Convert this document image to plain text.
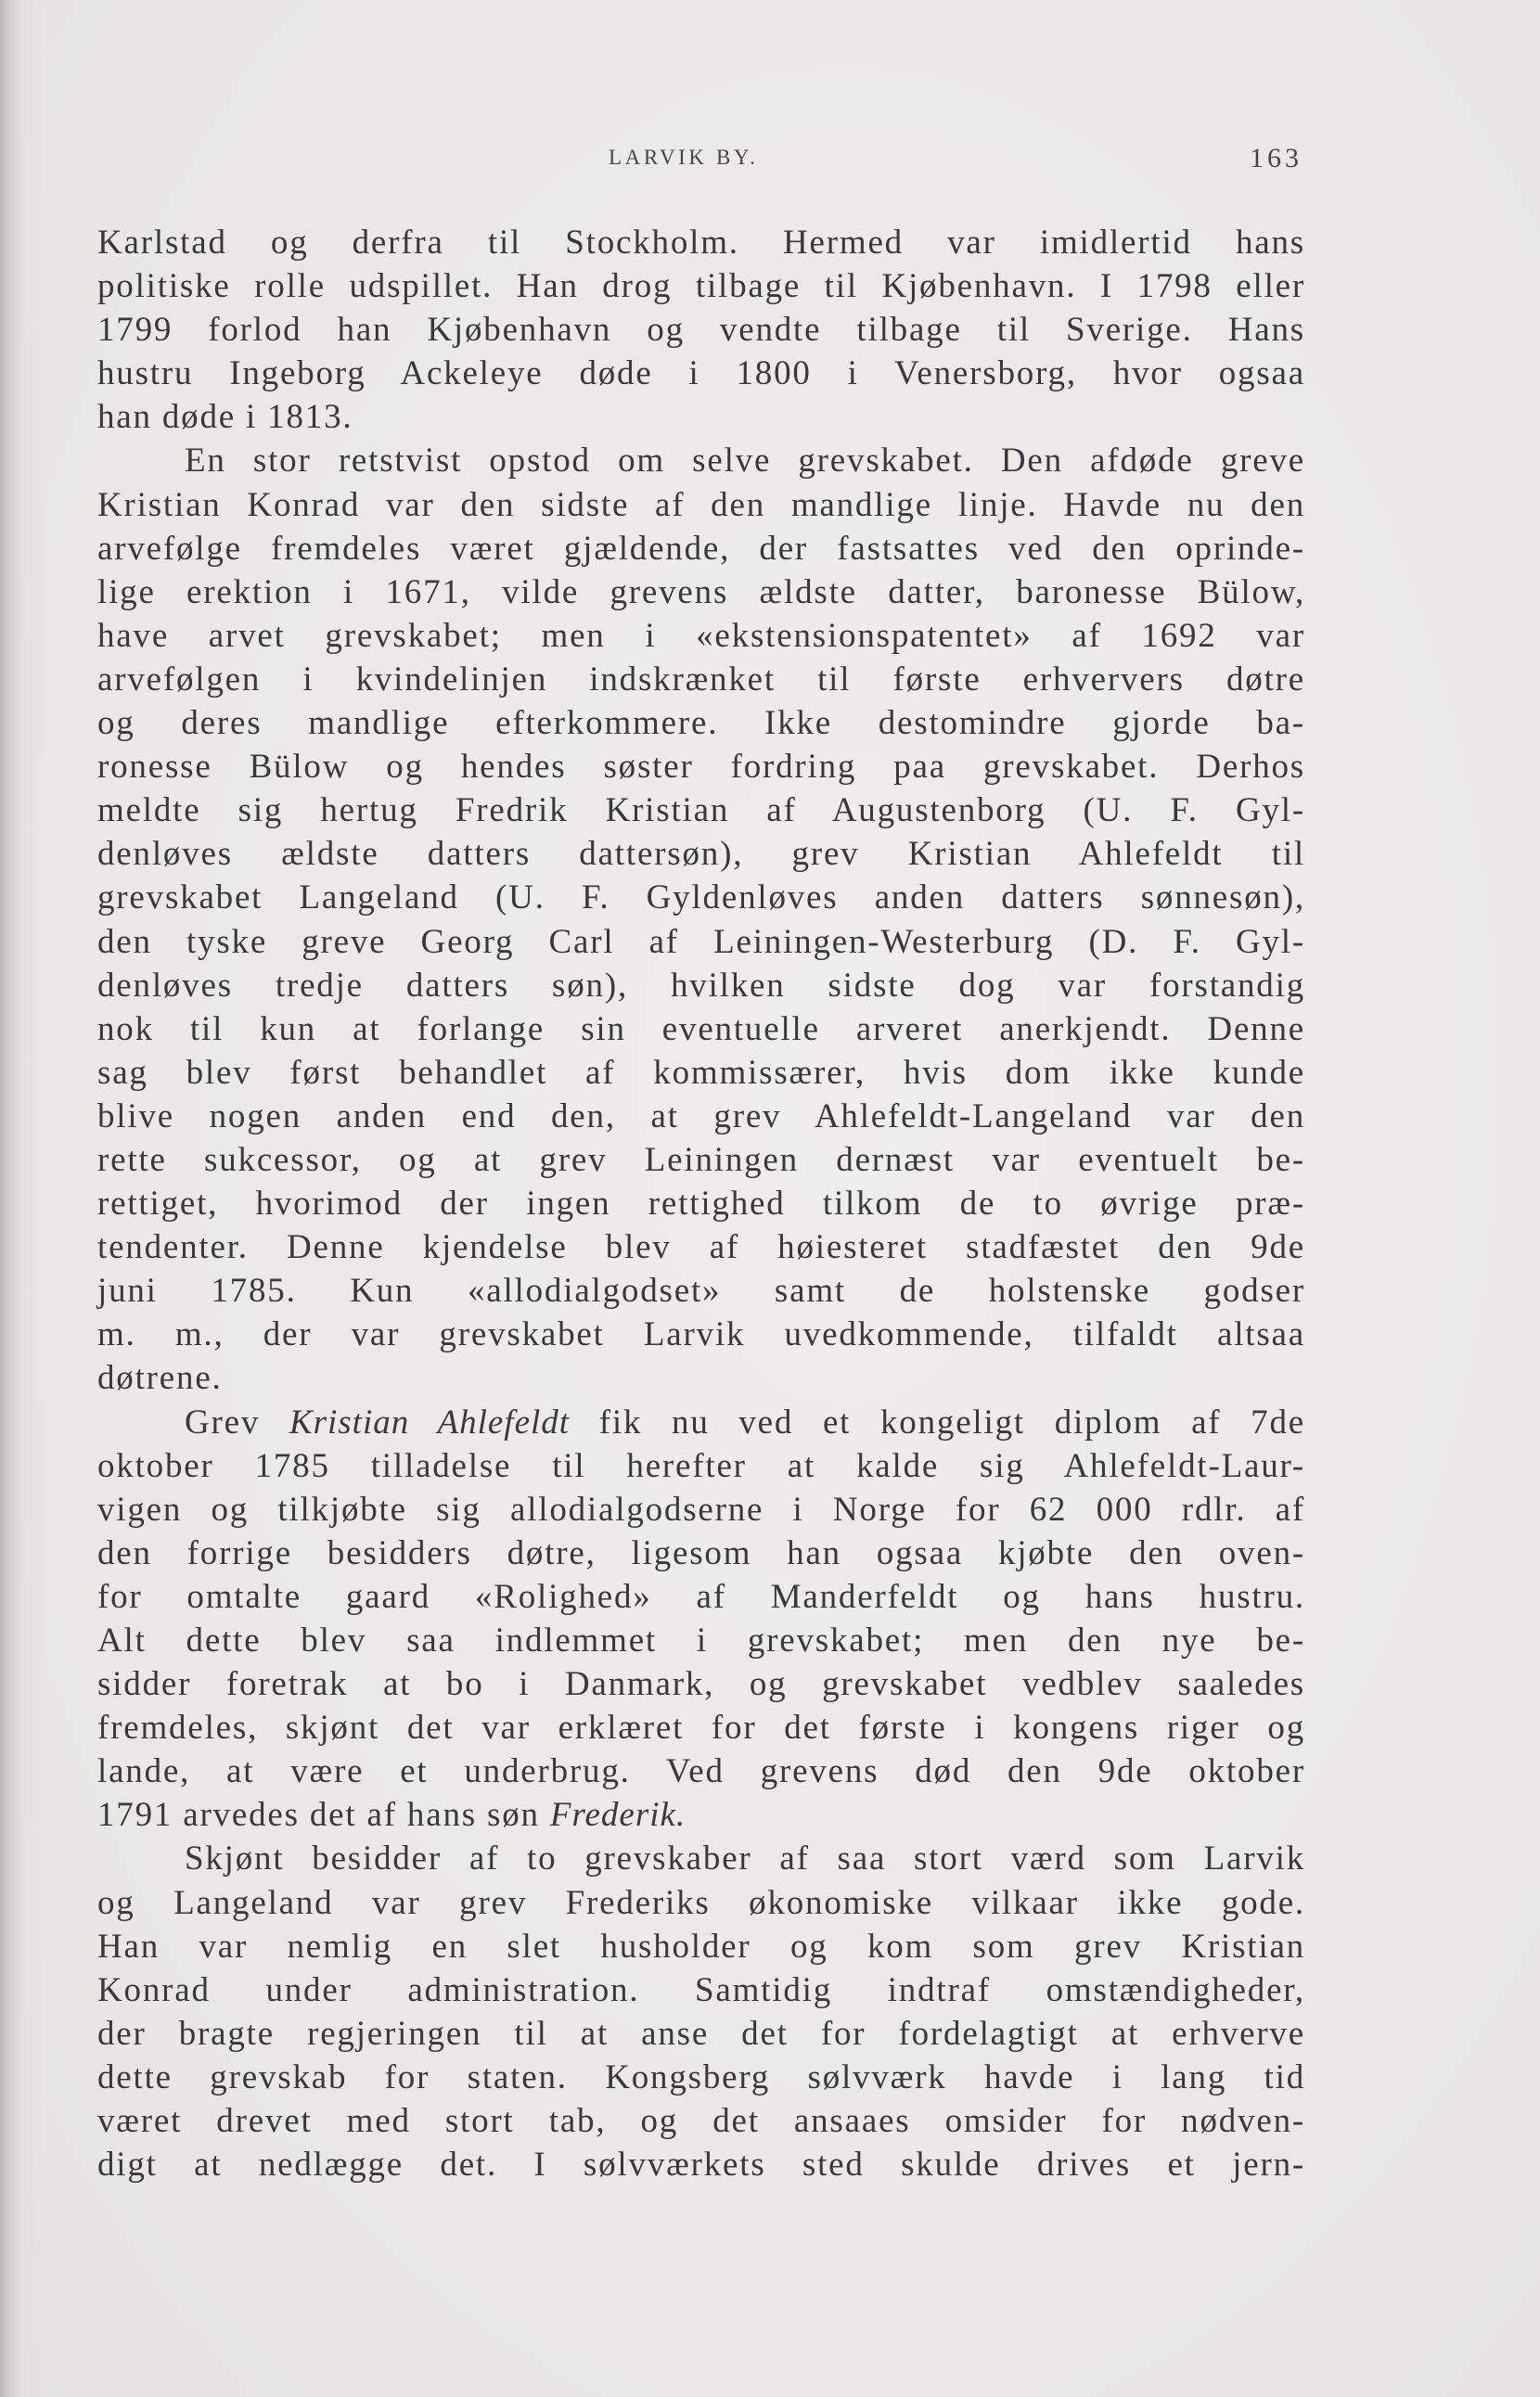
LARVIK BY.	163
Karlstad og derfra til Stockholm. Hermed var imidlertid hans
politiske rolle udspillet. Han drog tilbage til Kjøbenhavn. I 1798 eller
1799 forlod han Kjøbenhavn og vendte tilbage til Sverige. Hans
hustru Ingeborg Ackeleye døde i 1800 i Venersborg, hvor ogsaa
han døde i 1813.
En stor retstvist opstod om selve grevskabet. Den afdøde greve
Kristian Konrad var den sidste af den mandlige linje. Havde nu den
arvefølge fremdeles været gjældende, der fastsattes ved den oprinde-
lige erektion i 1671, vilde grevens ældste datter, baronesse Bülow,
have arvet grevskabet; men i «ekstensionspatentet» af 1692 var
arvefølgen i kvindelinjen indskrænket til første erhververs døtre
og deres mandlige efterkommere. Ikke destomindre gjorde ba-
ronesse Bülow og hendes søster fordring paa grevskabet. Derhos
meldte sig hertug Fredrik Kristian af Augustenborg (U. F. Gyl-
denløves ældste datters dattersøn), grev Kristian Ahlefeldt til
grevskabet Langeland (U. F. Gyldenløves anden datters sønnesøn),
den tyske greve Georg Carl af Leiningen-Westerburg (D. F. Gyl-
denløves tredje datters søn), hvilken sidste dog var forstandig
nok til kun at forlange sin eventuelle arveret anerkjendt. Denne
sag blev først behandlet af kommissærer, hvis dom ikke kunde
blive nogen anden end den, at grev Ahlefeldt-Langeland var den
rette sukcessor, og at grev Leiningen dernæst var eventuelt be-
rettiget, hvorimod der ingen rettighed tilkom de to øvrige præ-
tendenter. Denne kjendelse blev af høiesteret stadfæstet den 9de
juni 1785. Kun «allodialgodset» samt de holstenske godser
m. m., der var grevskabet Larvik uvedkommende, tilfaldt altsaa
døtrene.
Grev Kristian Ahlefeldt fik nu ved et kongeligt diplom af 7de
oktober 1785 tilladelse til herefter at kalde sig Ahlefeldt-Laur-
vigen og tilkjøbte sig allodialgodserne i Norge for 62 000 rdlr. af
den forrige besidders døtre, ligesom han ogsaa kjøbte den oven-
for omtalte gaard «Rolighed» af Manderfeldt og hans hustru.
Alt dette blev saa indlemmet i grevskabet; men den nye be-
sidder foretrak at bo i Danmark, og grevskabet vedblev saaledes
fremdeles, skjønt det var erklæret for det første i kongens riger og
lande, at være et underbrug. Ved grevens død den 9de oktober
1791 arvedes det af hans søn Frederik.
Skjønt besidder af to grevskaber af saa stort værd som Larvik
og Langeland var grev Frederiks økonomiske vilkaar ikke gode.
Han var nemlig en slet husholder og kom som grev Kristian
Konrad under administration. Samtidig indtraf omstændigheder,
der bragte regjeringen til at anse det for fordelagtigt at erhverve
dette grevskab for staten. Kongsberg sølvværk havde i lang tid
været drevet med stort tab, og det ansaaes omsider for nødven-
digt at nedlægge det. I sølvværkets sted skulde drives et jern-
